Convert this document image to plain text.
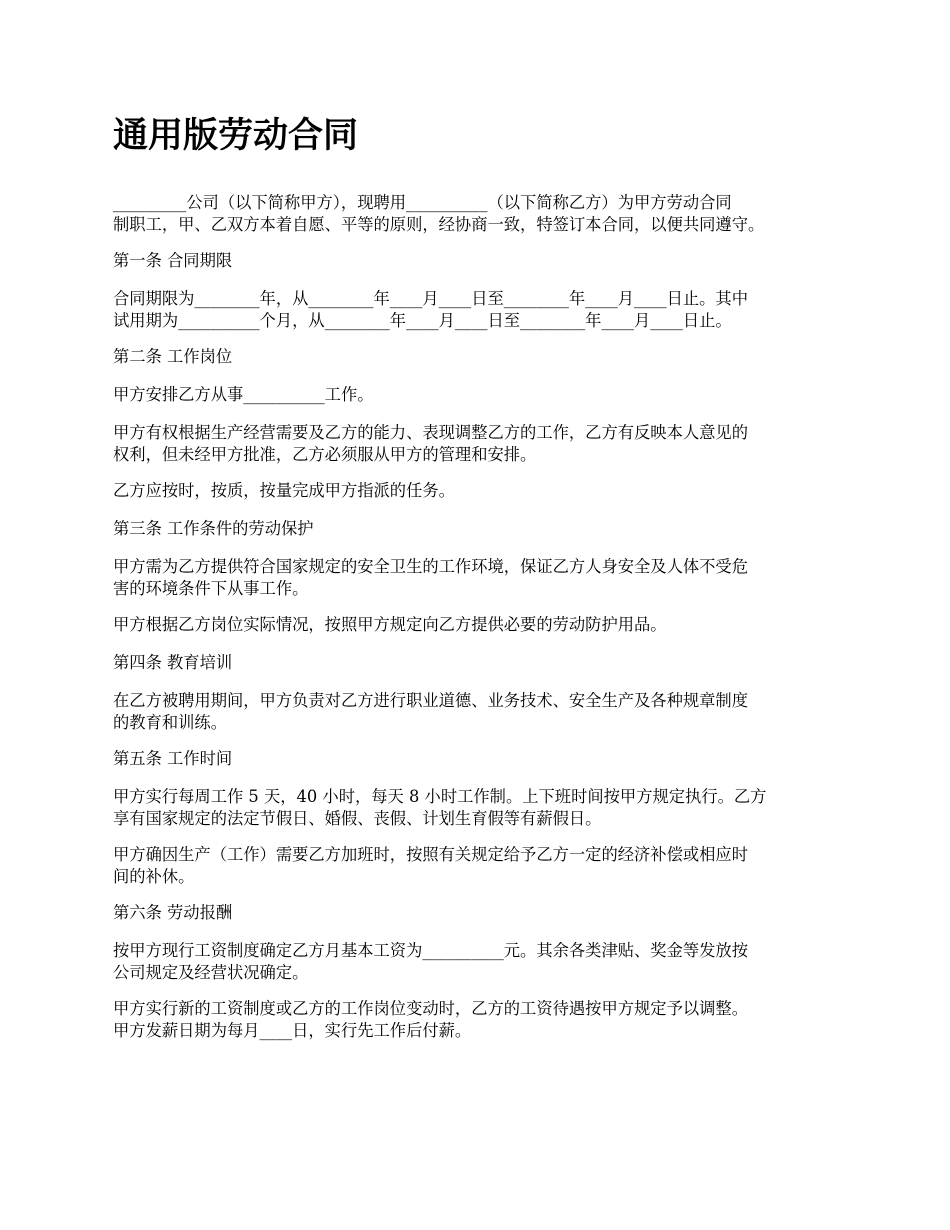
通用版劳动合同
_________公司（以下简称甲方），现聘用__________（以下简称乙方）为甲方劳动合同
制职工，甲、乙双方本着自愿、平等的原则，经协商一致，特签订本合同，以便共同遵守。
第一条 合同期限
合同期限为________年，从________年____月____日至________年____月____日止。其中
试用期为__________个月，从________年____月____日至________年____月____日止。
第二条 工作岗位
甲方安排乙方从事__________工作。
甲方有权根据生产经营需要及乙方的能力、表现调整乙方的工作，乙方有反映本人意见的
权利，但未经甲方批准，乙方必须服从甲方的管理和安排。
乙方应按时，按质，按量完成甲方指派的任务。
第三条 工作条件的劳动保护
甲方需为乙方提供符合国家规定的安全卫生的工作环境，保证乙方人身安全及人体不受危
害的环境条件下从事工作。
甲方根据乙方岗位实际情况，按照甲方规定向乙方提供必要的劳动防护用品。
第四条 教育培训
在乙方被聘用期间，甲方负责对乙方进行职业道德、业务技术、安全生产及各种规章制度
的教育和训练。
第五条 工作时间
甲方实行每周工作 5 天，40 小时，每天 8 小时工作制。上下班时间按甲方规定执行。乙方
享有国家规定的法定节假日、婚假、丧假、计划生育假等有薪假日。
甲方确因生产（工作）需要乙方加班时，按照有关规定给予乙方一定的经济补偿或相应时
间的补休。
第六条 劳动报酬
按甲方现行工资制度确定乙方月基本工资为__________元。其余各类津贴、奖金等发放按
公司规定及经营状况确定。
甲方实行新的工资制度或乙方的工作岗位变动时，乙方的工资待遇按甲方规定予以调整。
甲方发薪日期为每月____日，实行先工作后付薪。
